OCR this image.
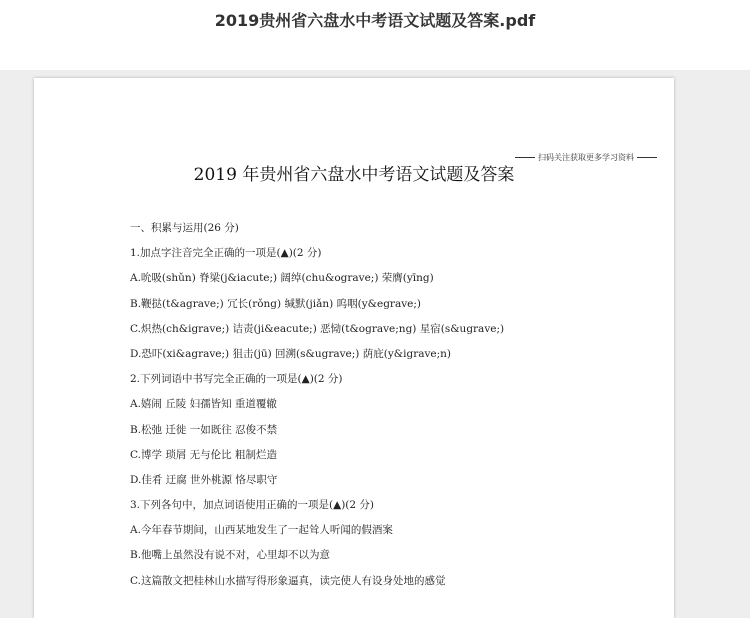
2019贵州省六盘水中考语文试题及答案.pdf
扫码关注获取更多学习资料
2019 年贵州省六盘水中考语文试题及答案
一、积累与运用(26 分)
1.加点字注音完全正确的一项是(▲)(2 分)
A.吮吸(shǔn) 脊梁(j&iacute;) 阔绰(chu&ograve;) 荣膺(yīng)
B.鞭挞(t&agrave;) 冗长(rǒng) 缄默(jiǎn) 呜咽(y&egrave;)
C.炽热(ch&igrave;) 诘责(ji&eacute;) 恶恸(t&ograve;ng) 星宿(s&ugrave;)
D.恐吓(xi&agrave;) 狙击(jū) 回溯(s&ugrave;) 荫庇(y&igrave;n)
2.下列词语中书写完全正确的一项是(▲)(2 分)
A.嬉闹 丘陵 妇孺皆知 重道覆辙
B.松弛 迁徙 一如既往 忍俊不禁
C.博学 琐屑 无与伦比 粗制烂造
D.佳肴 迂腐 世外桃源 恪尽职守
3.下列各句中，加点词语使用正确的一项是(▲)(2 分)
A.今年春节期间，山西某地发生了一起耸人听闻的假酒案
B.他嘴上虽然没有说不对，心里却不以为意
C.这篇散文把桂林山水描写得形象逼真，读完使人有设身处地的感觉
